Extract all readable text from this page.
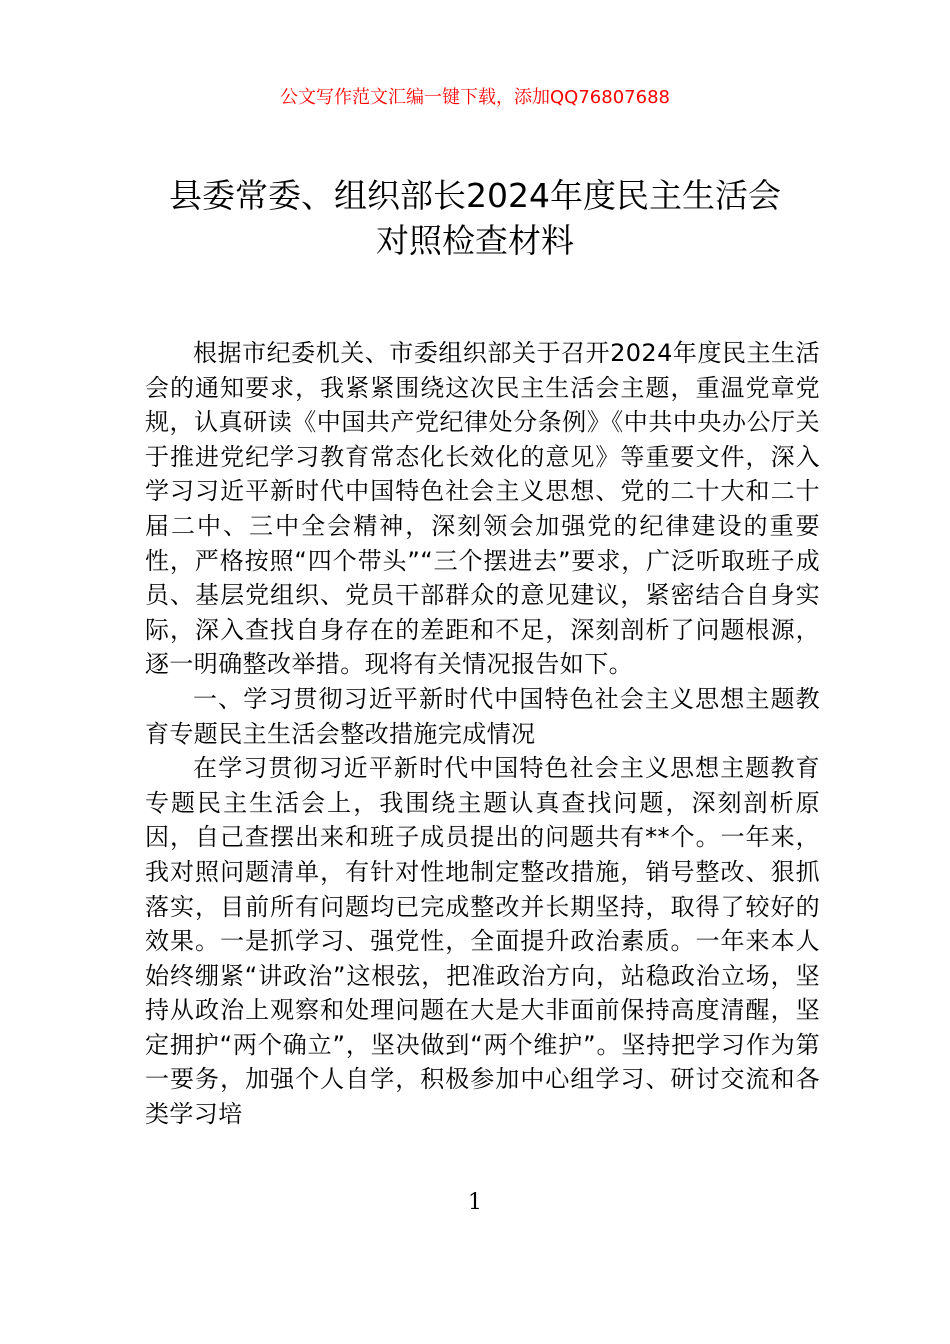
公文写作范文汇编一键下载，添加QQ76807688
县委常委、组织部长2024年度民主生活会
对照检查材料

根据市纪委机关、市委组织部关于召开2024年度民主生活会的通知要求，我紧紧围绕这次民主生活会主题，重温党章党规，认真研读《中国共产党纪律处分条例》《中共中央办公厅关于推进党纪学习教育常态化长效化的意见》等重要文件，深入学习习近平新时代中国特色社会主义思想、党的二十大和二十届二中、三中全会精神，深刻领会加强党的纪律建设的重要性，严格按照“四个带头”“三个摆进去”要求，广泛听取班子成员、基层党组织、党员干部群众的意见建议，紧密结合自身实际，深入查找自身存在的差距和不足，深刻剖析了问题根源，逐一明确整改举措。现将有关情况报告如下。

一、学习贯彻习近平新时代中国特色社会主义思想主题教育专题民主生活会整改措施完成情况

在学习贯彻习近平新时代中国特色社会主义思想主题教育专题民主生活会上，我围绕主题认真查找问题，深刻剖析原因，自己查摆出来和班子成员提出的问题共有**个。一年来，我对照问题清单，有针对性地制定整改措施，销号整改、狠抓落实，目前所有问题均已完成整改并长期坚持，取得了较好的效果。一是抓学习、强党性，全面提升政治素质。一年来本人始终绷紧“讲政治”这根弦，把准政治方向，站稳政治立场，坚持从政治上观察和处理问题在大是大非面前保持高度清醒，坚定拥护“两个确立”，坚决做到“两个维护”。坚持把学习作为第一要务，加强个人自学，积极参加中心组学习、研讨交流和各类学习培

1
